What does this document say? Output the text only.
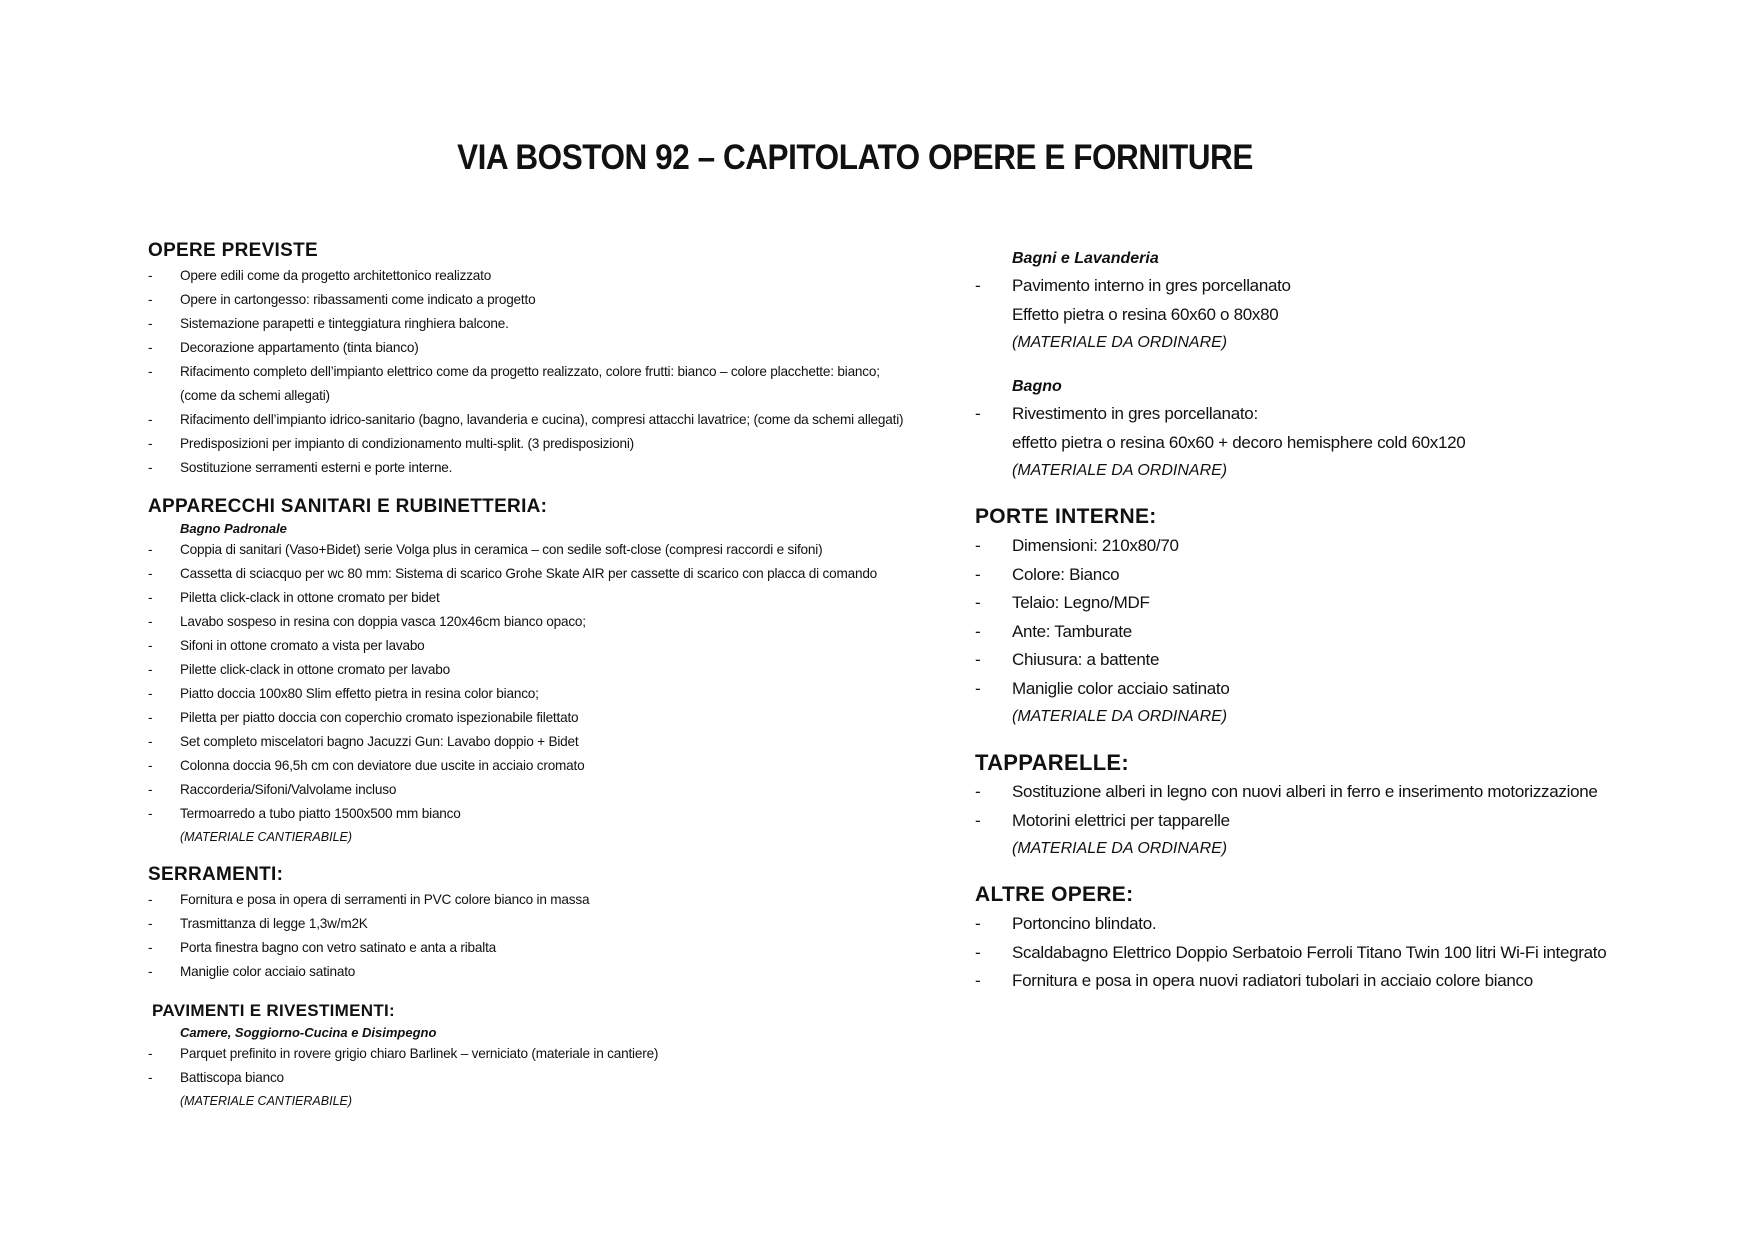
VIA BOSTON 92 – CAPITOLATO OPERE E FORNITURE
OPERE PREVISTE
- Opere edili come da progetto architettonico realizzato
- Opere in cartongesso: ribassamenti come indicato a progetto
- Sistemazione parapetti e tinteggiatura ringhiera balcone.
- Decorazione appartamento (tinta bianco)
- Rifacimento completo dell’impianto elettrico come da progetto realizzato, colore frutti: bianco – colore placchette: bianco;
(come da schemi allegati)
- Rifacimento dell’impianto idrico-sanitario (bagno, lavanderia e cucina), compresi attacchi lavatrice; (come da schemi allegati)
- Predisposizioni per impianto di condizionamento multi-split. (3 predisposizioni)
- Sostituzione serramenti esterni e porte interne.
APPARECCHI SANITARI E RUBINETTERIA:
Bagno Padronale
- Coppia di sanitari (Vaso+Bidet) serie Volga plus in ceramica – con sedile soft-close (compresi raccordi e sifoni)
- Cassetta di sciacquo per wc 80 mm: Sistema di scarico Grohe Skate AIR per cassette di scarico con placca di comando
- Piletta click-clack in ottone cromato per bidet
- Lavabo sospeso in resina con doppia vasca 120x46cm bianco opaco;
- Sifoni in ottone cromato a vista per lavabo
- Pilette click-clack in ottone cromato per lavabo
- Piatto doccia 100x80 Slim effetto pietra in resina color bianco;
- Piletta per piatto doccia con coperchio cromato ispezionabile filettato
- Set completo miscelatori bagno Jacuzzi Gun: Lavabo doppio + Bidet
- Colonna doccia 96,5h cm con deviatore due uscite in acciaio cromato
- Raccorderia/Sifoni/Valvolame incluso
- Termoarredo a tubo piatto 1500x500 mm bianco
(MATERIALE CANTIERABILE)
SERRAMENTI:
- Fornitura e posa in opera di serramenti in PVC colore bianco in massa
- Trasmittanza di legge 1,3w/m2K
- Porta finestra bagno con vetro satinato e anta a ribalta
- Maniglie color acciaio satinato
PAVIMENTI E RIVESTIMENTI:
Camere, Soggiorno-Cucina e Disimpegno
- Parquet prefinito in rovere grigio chiaro Barlinek – verniciato (materiale in cantiere)
- Battiscopa bianco
(MATERIALE CANTIERABILE)
Bagni e Lavanderia
- Pavimento interno in gres porcellanato
Effetto pietra o resina 60x60 o 80x80
(MATERIALE DA ORDINARE)
Bagno
- Rivestimento in gres porcellanato:
effetto pietra o resina 60x60 + decoro hemisphere cold 60x120
(MATERIALE DA ORDINARE)
PORTE INTERNE:
- Dimensioni: 210x80/70
- Colore: Bianco
- Telaio: Legno/MDF
- Ante: Tamburate
- Chiusura: a battente
- Maniglie color acciaio satinato
(MATERIALE DA ORDINARE)
TAPPARELLE:
- Sostituzione alberi in legno con nuovi alberi in ferro e inserimento motorizzazione
- Motorini elettrici per tapparelle
(MATERIALE DA ORDINARE)
ALTRE OPERE:
- Portoncino blindato.
- Scaldabagno Elettrico Doppio Serbatoio Ferroli Titano Twin 100 litri Wi-Fi integrato
- Fornitura e posa in opera nuovi radiatori tubolari in acciaio colore bianco
